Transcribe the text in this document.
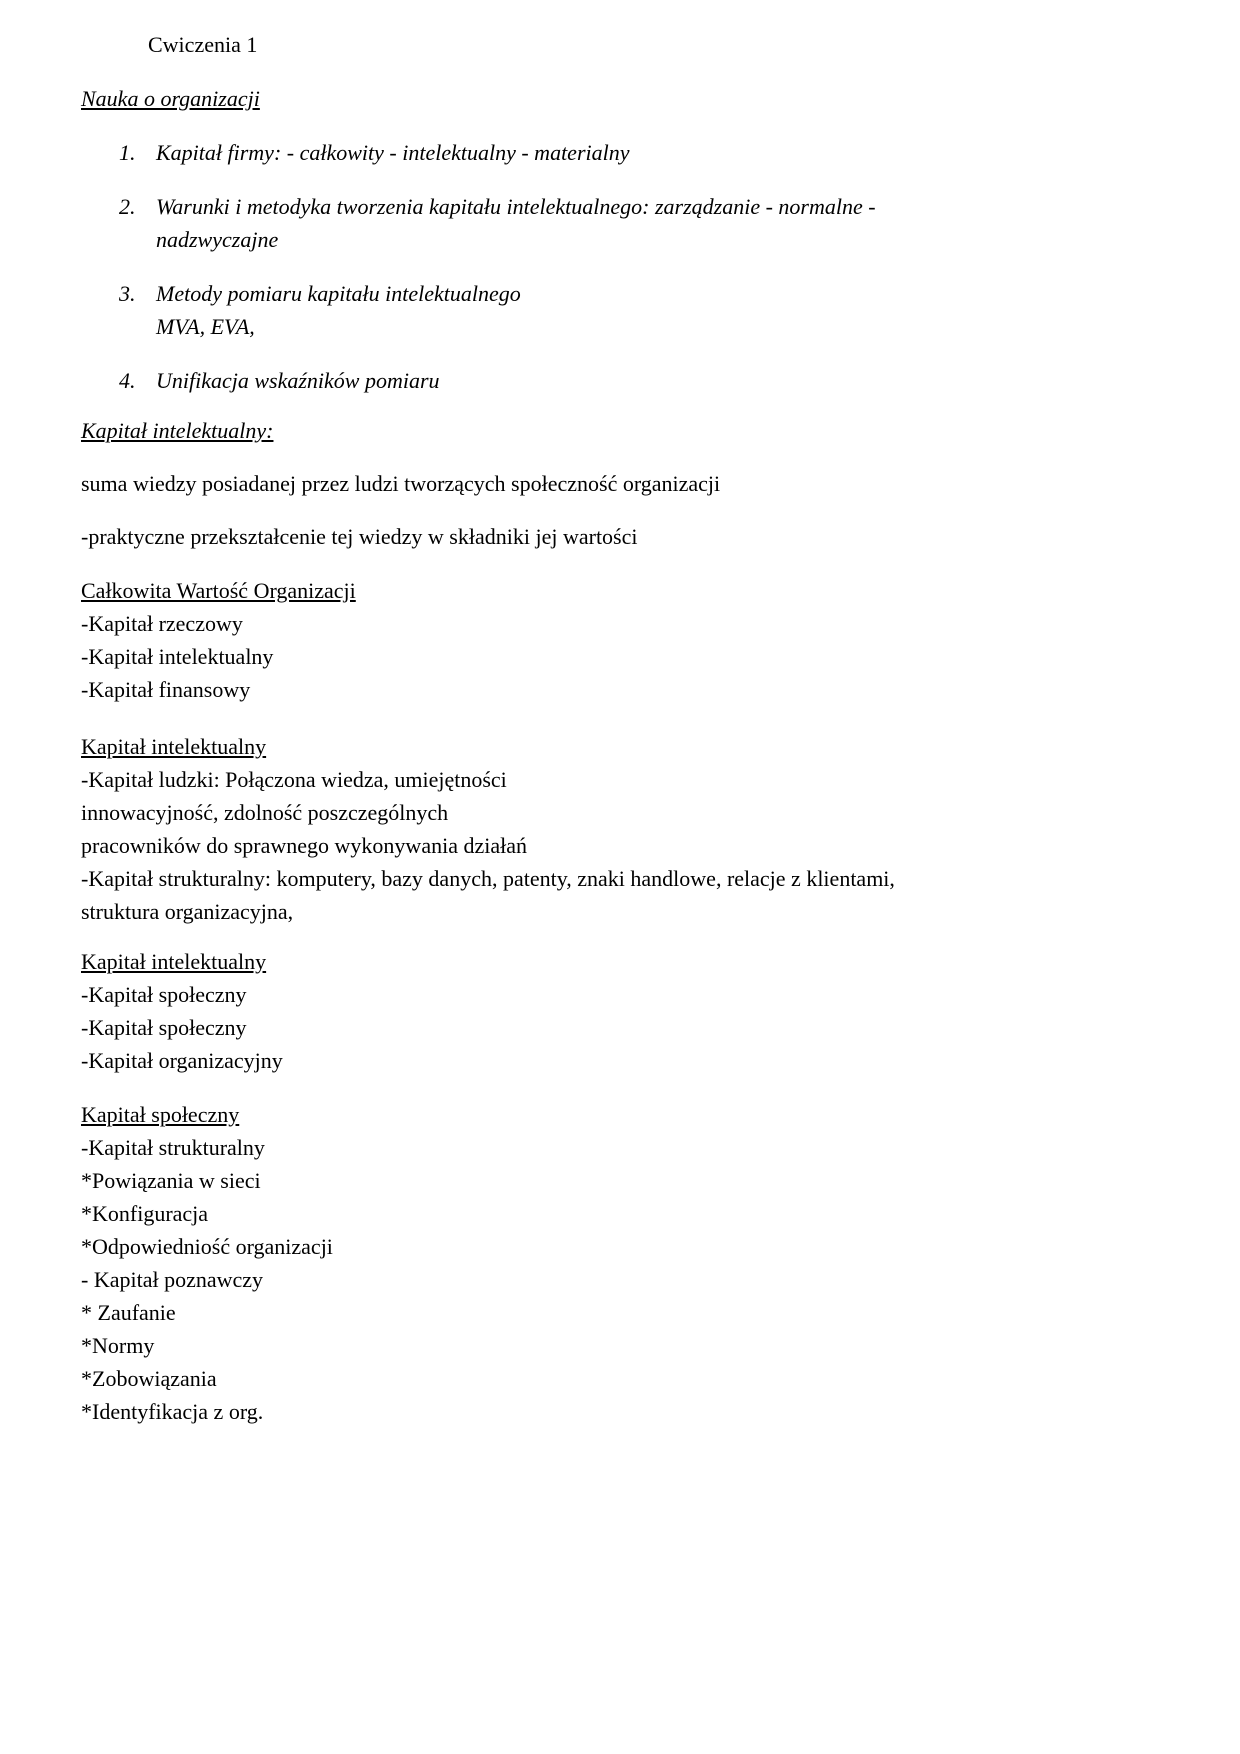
Cwiczenia 1
Nauka o organizacji
1. Kapitał firmy: - całkowity - intelektualny - materialny
2. Warunki i metodyka tworzenia kapitału intelektualnego: zarządzanie - normalne -
nadzwyczajne
3. Metody pomiaru kapitału intelektualnego
MVA, EVA,
4. Unifikacja wskaźników pomiaru
Kapitał intelektualny:
suma wiedzy posiadanej przez ludzi tworzących społeczność organizacji
-praktyczne przekształcenie tej wiedzy w składniki jej wartości
Całkowita Wartość Organizacji
-Kapitał rzeczowy
-Kapitał intelektualny
-Kapitał finansowy
Kapitał intelektualny
-Kapitał ludzki: Połączona wiedza, umiejętności
innowacyjność, zdolność poszczególnych
pracowników do sprawnego wykonywania działań
-Kapitał strukturalny: komputery, bazy danych, patenty, znaki handlowe, relacje z klientami,
struktura organizacyjna,
Kapitał intelektualny
-Kapitał społeczny
-Kapitał społeczny
-Kapitał organizacyjny
Kapitał społeczny
-Kapitał strukturalny
*Powiązania w sieci
*Konfiguracja
*Odpowiedniość organizacji
- Kapitał poznawczy
* Zaufanie
*Normy
*Zobowiązania
*Identyfikacja z org.
